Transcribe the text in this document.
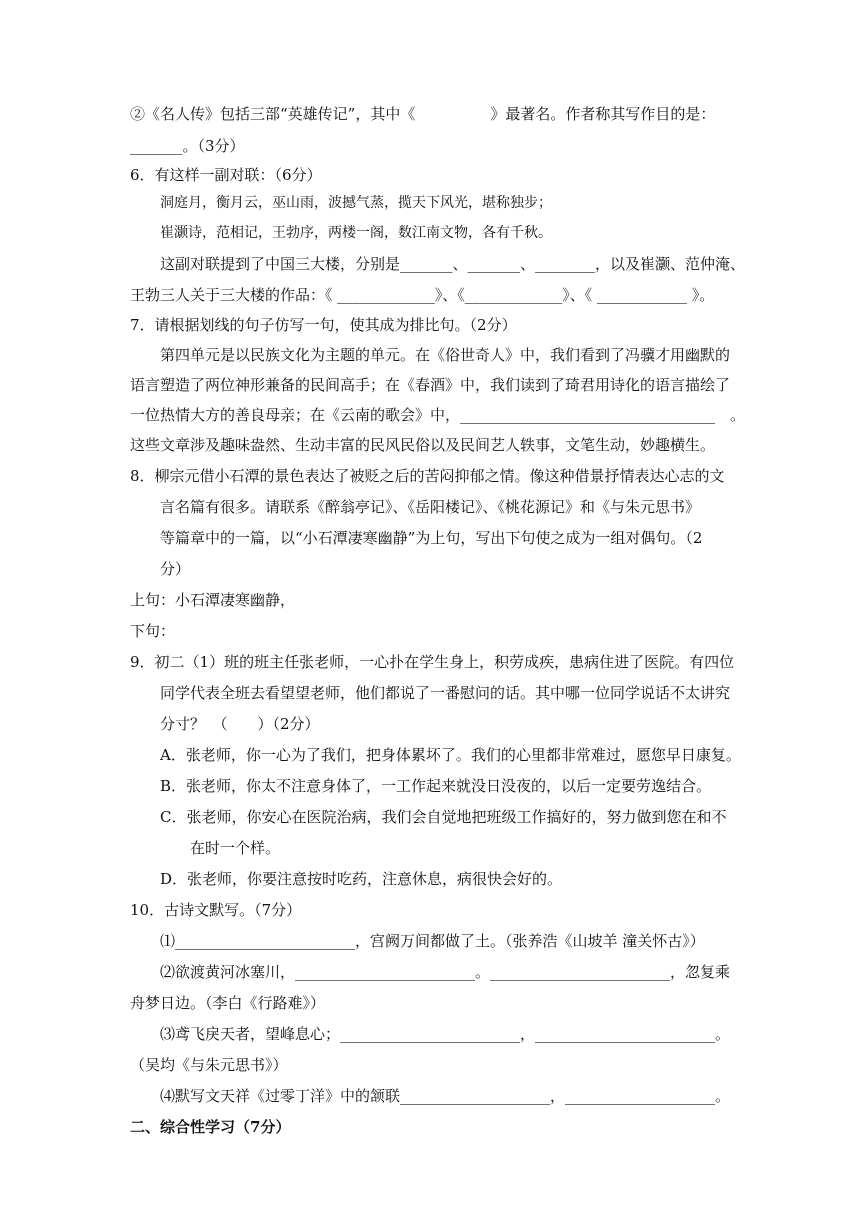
②《名人传》包括三部“英雄传记”，其中《　　　　　》最著名。作者称其写作目的是：
_______。（3分）
6．有这样一副对联：（6分）
洞庭月，衡月云，巫山雨，波撼气蒸，揽天下风光，堪称独步；
崔灏诗，范相记，王勃序，两楼一阁，数江南文物，各有千秋。
这副对联提到了中国三大楼，分别是_______、_______、________，以及崔灏、范仲淹、
王勃三人关于三大楼的作品：《 _____________》、《_____________》、《 ____________ 》。
7．请根据划线的句子仿写一句，使其成为排比句。（2分）
第四单元是以民族文化为主题的单元。在《俗世奇人》中，我们看到了冯骥才用幽默的
语言塑造了两位神形兼备的民间高手；在《春酒》中，我们读到了琦君用诗化的语言描绘了
一位热情大方的善良母亲；在《云南的歌会》中，__________________________________　。
这些文章涉及趣味盎然、生动丰富的民风民俗以及民间艺人轶事，文笔生动，妙趣横生。
8．柳宗元借小石潭的景色表达了被贬之后的苦闷抑郁之情。像这种借景抒情表达心志的文
言名篇有很多。请联系《醉翁亭记》、《岳阳楼记》、《桃花源记》和《与朱元思书》
等篇章中的一篇，以“小石潭凄寒幽静”为上句，写出下句使之成为一组对偶句。（2
分）
上句：小石潭凄寒幽静，
下句：
9．初二（1）班的班主任张老师，一心扑在学生身上，积劳成疾，患病住进了医院。有四位
同学代表全班去看望望老师，他们都说了一番慰问的话。其中哪一位同学说话不太讲究
分寸？　（　　）（2分）
A．张老师，你一心为了我们，把身体累坏了。我们的心里都非常难过，愿您早日康复。
B．张老师，你太不注意身体了，一工作起来就没日没夜的，以后一定要劳逸结合。
C．张老师，你安心在医院治病，我们会自觉地把班级工作搞好的，努力做到您在和不
在时一个样。
D．张老师，你要注意按时吃药，注意休息，病很快会好的。
10．古诗文默写。（7分）
⑴________________________，宫阙万间都做了土。（张养浩《山坡羊 潼关怀古》）
⑵欲渡黄河冰塞川，________________________。________________________，忽复乘
舟梦日边。（李白《行路难》）
⑶鸢飞戾天者，望峰息心；________________________，________________________。
（吴均《与朱元思书》）
⑷默写文天祥《过零丁洋》中的颔联____________________，____________________。
二、综合性学习（7分）
